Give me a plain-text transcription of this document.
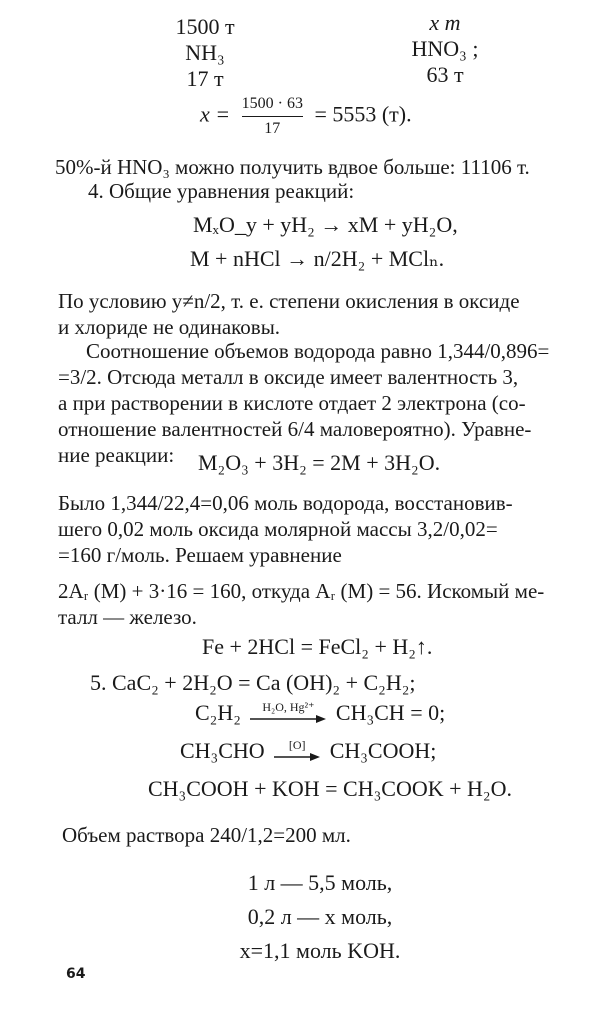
1500 т
NH₃
17 т
x т
HNO₃ ;
63 т
$x = \frac{1500 \cdot 63}{17} = 5553$ (т).
50%-й HNO₃ можно получить вдвое больше: 11106 т.
4. Общие уравнения реакций:
MₓO_y + yH₂ → xM + yH₂O,
M + nHCl → n/2H₂ + MClₙ.
По условию y≠n/2, т. е. степени окисления в оксиде
и хлориде не одинаковы.
Соотношение объемов водорода равно 1,344/0,896=
=3/2. Отсюда металл в оксиде имеет валентность 3,
а при растворении в кислоте отдает 2 электрона (со-
отношение валентностей 6/4 маловероятно). Уравне-
ние реакции:	M₂O₃ + 3H₂ = 2M + 3H₂O.
Было 1,344/22,4=0,06 моль водорода, восстановив-
шего 0,02 моль оксида молярной массы 3,2/0,02=
=160 г/моль. Решаем уравнение
2Aᵣ (M) + 3·16 = 160, откуда Aᵣ (M) = 56. Искомый ме-
талл — железо.
Fe + 2HCl = FeCl₂ + H₂↑.
5. CaC₂ + 2H₂O = Ca (OH)₂ + C₂H₂;
C₂H₂	H₂O, Hg²⁺ CH₃CH = 0;
CH₃CHO	[O]	CH₃COOH;
CH₃COOH + KOH = CH₃COOK + H₂O.
Объем раствора 240/1,2=200 мл.
1 л — 5,5 моль,
0,2 л — x моль,
x=1,1 моль KOH.
64
